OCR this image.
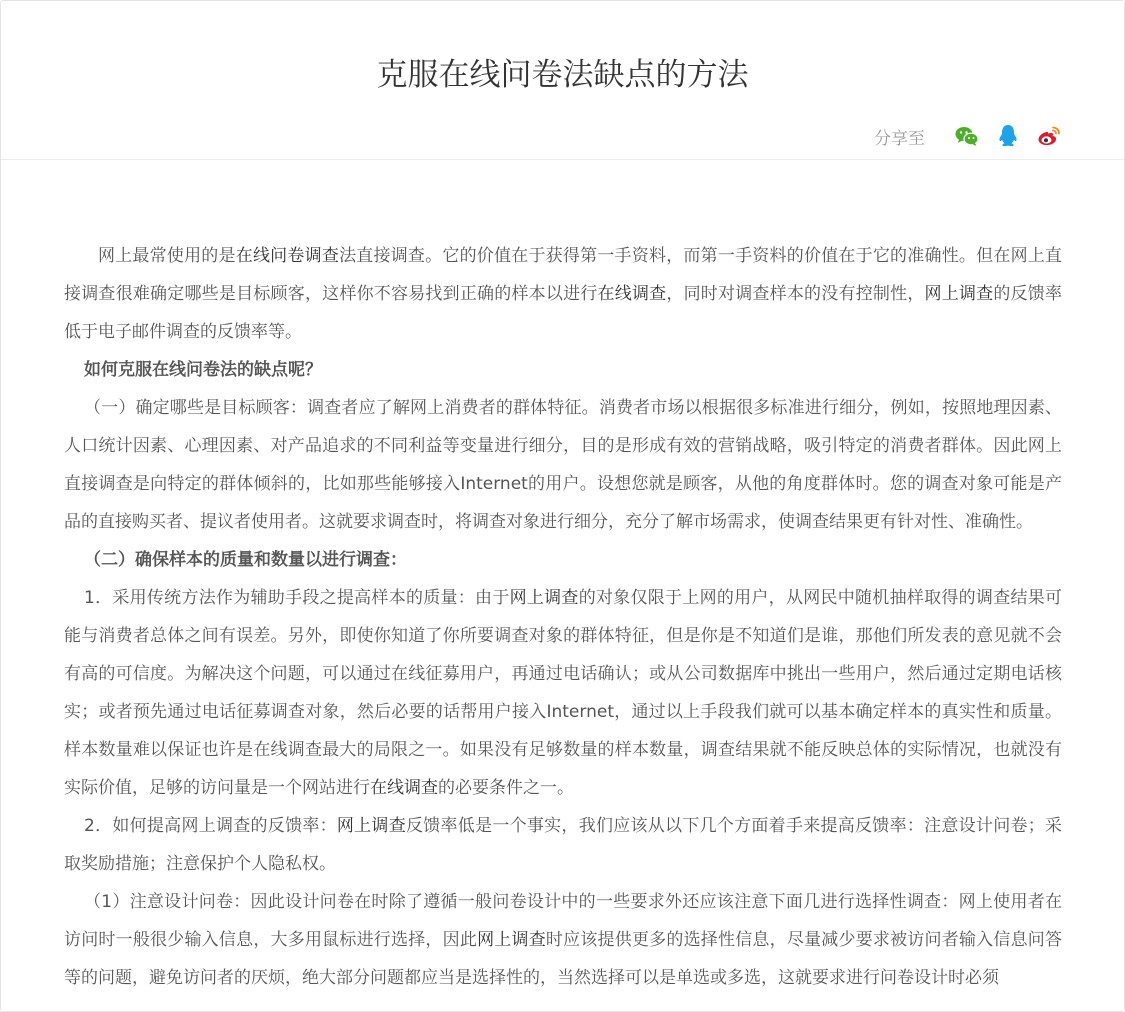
克服在线问卷法缺点的方法
分享至

网上最常使用的是在线问卷调查法直接调查。它的价值在于获得第一手资料，而第一手资料的价值在于它的准确性。但在网上直接调查很难确定哪些是目标顾客，这样你不容易找到正确的样本以进行在线调查，同时对调查样本的没有控制性，网上调查的反馈率低于电子邮件调查的反馈率等。

如何克服在线问卷法的缺点呢？

（一）确定哪些是目标顾客：调查者应了解网上消费者的群体特征。消费者市场以根据很多标准进行细分，例如，按照地理因素、人口统计因素、心理因素、对产品追求的不同利益等变量进行细分，目的是形成有效的营销战略，吸引特定的消费者群体。因此网上直接调查是向特定的群体倾斜的，比如那些能够接入Internet的用户。设想您就是顾客，从他的角度群体时。您的调查对象可能是产品的直接购买者、提议者使用者。这就要求调查时，将调查对象进行细分，充分了解市场需求，使调查结果更有针对性、准确性。

（二）确保样本的质量和数量以进行调查：

1．采用传统方法作为辅助手段之提高样本的质量：由于网上调查的对象仅限于上网的用户，从网民中随机抽样取得的调查结果可能与消费者总体之间有误差。另外，即使你知道了你所要调查对象的群体特征，但是你是不知道们是谁，那他们所发表的意见就不会有高的可信度。为解决这个问题，可以通过在线征募用户，再通过电话确认；或从公司数据库中挑出一些用户，然后通过定期电话核实；或者预先通过电话征募调查对象，然后必要的话帮用户接入Internet，通过以上手段我们就可以基本确定样本的真实性和质量。样本数量难以保证也许是在线调查最大的局限之一。如果没有足够数量的样本数量，调查结果就不能反映总体的实际情况，也就没有实际价值，足够的访问量是一个网站进行在线调查的必要条件之一。

2．如何提高网上调查的反馈率：网上调查反馈率低是一个事实，我们应该从以下几个方面着手来提高反馈率：注意设计问卷；采取奖励措施；注意保护个人隐私权。

（1）注意设计问卷：因此设计问卷在时除了遵循一般问卷设计中的一些要求外还应该注意下面几进行选择性调查：网上使用者在访问时一般很少输入信息，大多用鼠标进行选择，因此网上调查时应该提供更多的选择性信息，尽量减少要求被访问者输入信息问答等的问题，避免访问者的厌烦，绝大部分问题都应当是选择性的，当然选择可以是单选或多选，这就要求进行问卷设计时必须
